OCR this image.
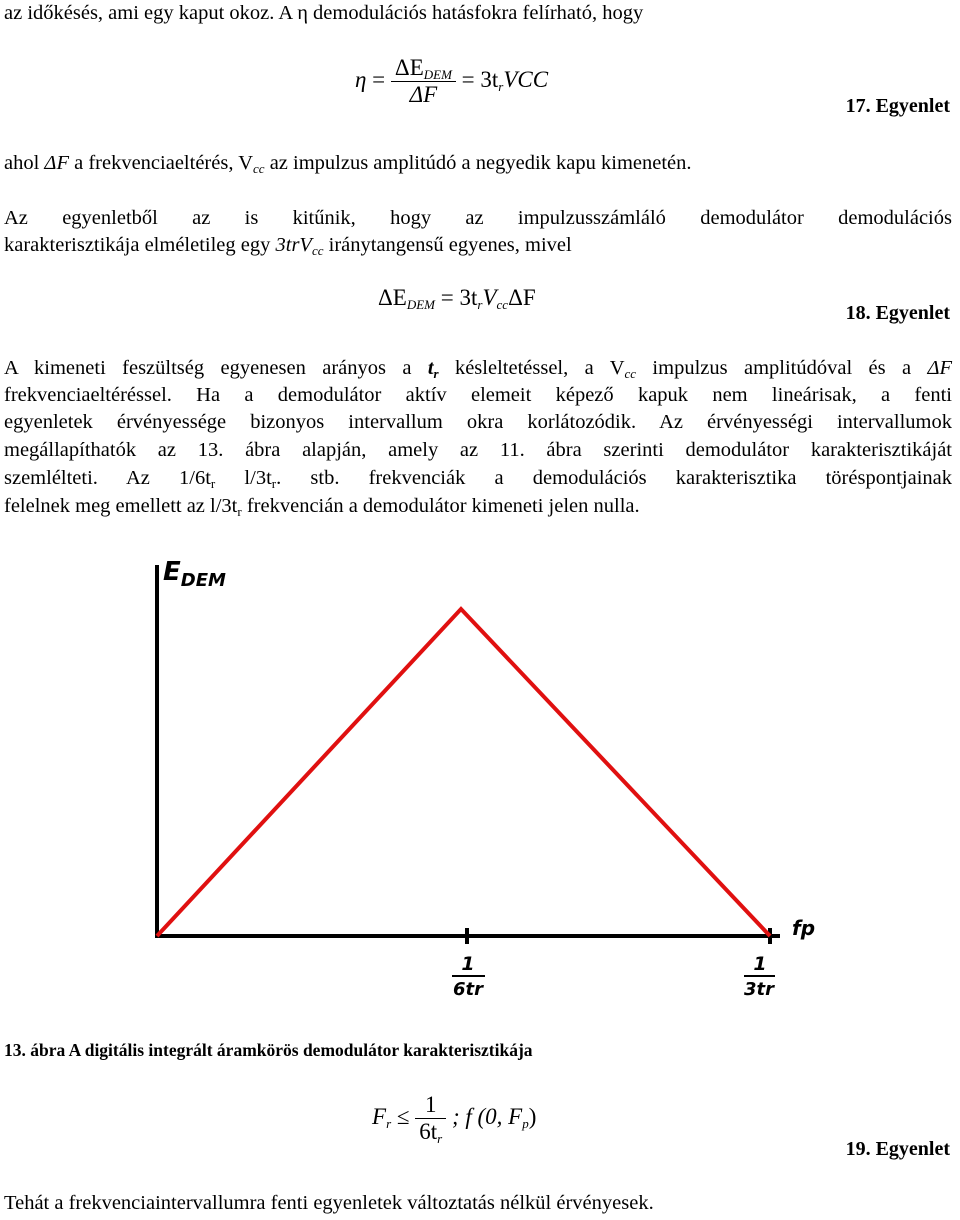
az időkésés, ami egy kaput okoz. A η demodulációs hatásfokra felírható, hogy
$\eta = \frac{\Delta E_{DEM}}{\Delta F} = 3t_rVCC$
17. Egyenlet
ahol ΔF a frekvenciaeltérés, $V_{cc}$ az impulzus amplitúdó a negyedik kapu kimenetén.
Az egyenletből az is kitűnik, hogy az impulzusszámláló demodulátor demodulációs
karakterisztikája elméletileg egy 3trV$_{cc}$ iránytangensű egyenes, mivel
$\Delta E_{DEM} = 3t_rV_{cc}\Delta F$
18. Egyenlet
A kimeneti feszültség egyenesen arányos a $t_r$ késleltetéssel, a $V_{cc}$ impulzus amplitúdóval és a ΔF
frekvenciaeltéréssel. Ha a demodulátor aktív elemeit képező kapuk nem lineárisak, a fenti
egyenletek érvényessége bizonyos intervallum okra korlátozódik. Az érvényességi intervallumok
megállapíthatók az 13. ábra alapján, amely az 11. ábra szerinti demodulátor karakterisztikáját
szemlélteti. Az $1/6t_r$ $l/3t_r$. stb. frekvenciák a demodulációs karakterisztika töréspontjainak
felelnek meg emellett az $l/3t_r$ frekvencián a demodulátor kimeneti jelen nulla.
$E_{DEM}$
fp
1
6tr
1
3tr
13. ábra A digitális integrált áramkörös demodulátor karakterisztikája
$F_r \le \frac{1}{6t_r}$ ; f (0, $F_p$)
19. Egyenlet
Tehát a frekvenciaintervallumra fenti egyenletek változtatás nélkül érvényesek.
